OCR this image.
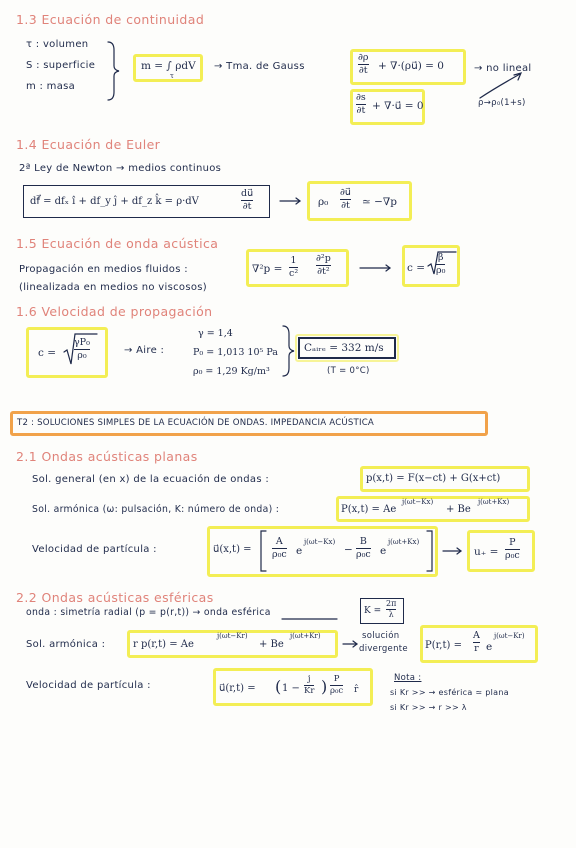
1.3 Ecuación de continuidad
τ : volumen
S : superficie
m : masa
m = ∫ ρdV
τ
→ Tma. de Gauss
∂ρ
∂t + ∇·(ρu⃗) = 0	→ no lineal
∂s
∂t + ∇·u⃗ = 0	ρ→ρ₀(1+s)
1.4 Ecuación de Euler
2ª Ley de Newton → medios continuos
df⃗ = dfₓ î + df_y ĵ + df_z k̂ = ρ·dV
du⃗
∂t	ρ₀
∂u⃗
∂t ≃ −∇p
1.5 Ecuación de onda acústica
Propagación en medios fluidos :
(linealizada en medios no viscosos)
∇²p =
1
c²
∂²p
∂t²	c =
β
ρ₀
1.6 Velocidad de propagación
c =
γP₀
ρ₀	→ Aire :
γ = 1,4
P₀ = 1,013 10⁵ Pa
ρ₀ = 1,29 Kg/m³
Cₐᵢᵣₑ = 332 m/s
(T = 0°C)
T2 : SOLUCIONES SIMPLES DE LA ECUACIÓN DE ONDAS. IMPEDANCIA ACÚSTICA
2.1 Ondas acústicas planas
Sol. general (en x) de la ecuación de ondas :	p(x,t) = F(x−ct) + G(x+ct)
Sol. armónica (ω: pulsación, K: número de onda) :	P(x,t) = Ae
j(ωt−Kx)
+ Be
j(ωt+Kx)
Velocidad de partícula :	u⃗(x,t) =
A
ρ₀c e
j(ωt−Kx)
−
B
ρ₀c e
j(ωt+Kx)
u₊ =
P
ρ₀c
2.2 Ondas acústicas esféricas
onda : simetría radial (p = p(r,t)) → onda esférica	K =
2π
λ
Sol. armónica :	r p(r,t) = Ae
j(ωt−Kr)
+ Be
j(ωt+Kr)	solución
divergente P(r,t) =
A
r e
j(ωt−Kr)
Velocidad de partícula :	u⃗(r,t) = ( 1 −
j
Kr ) P
ρ₀c r̂
Nota :
si Kr >> → esférica ≃ plana
si Kr >> → r >> λ
